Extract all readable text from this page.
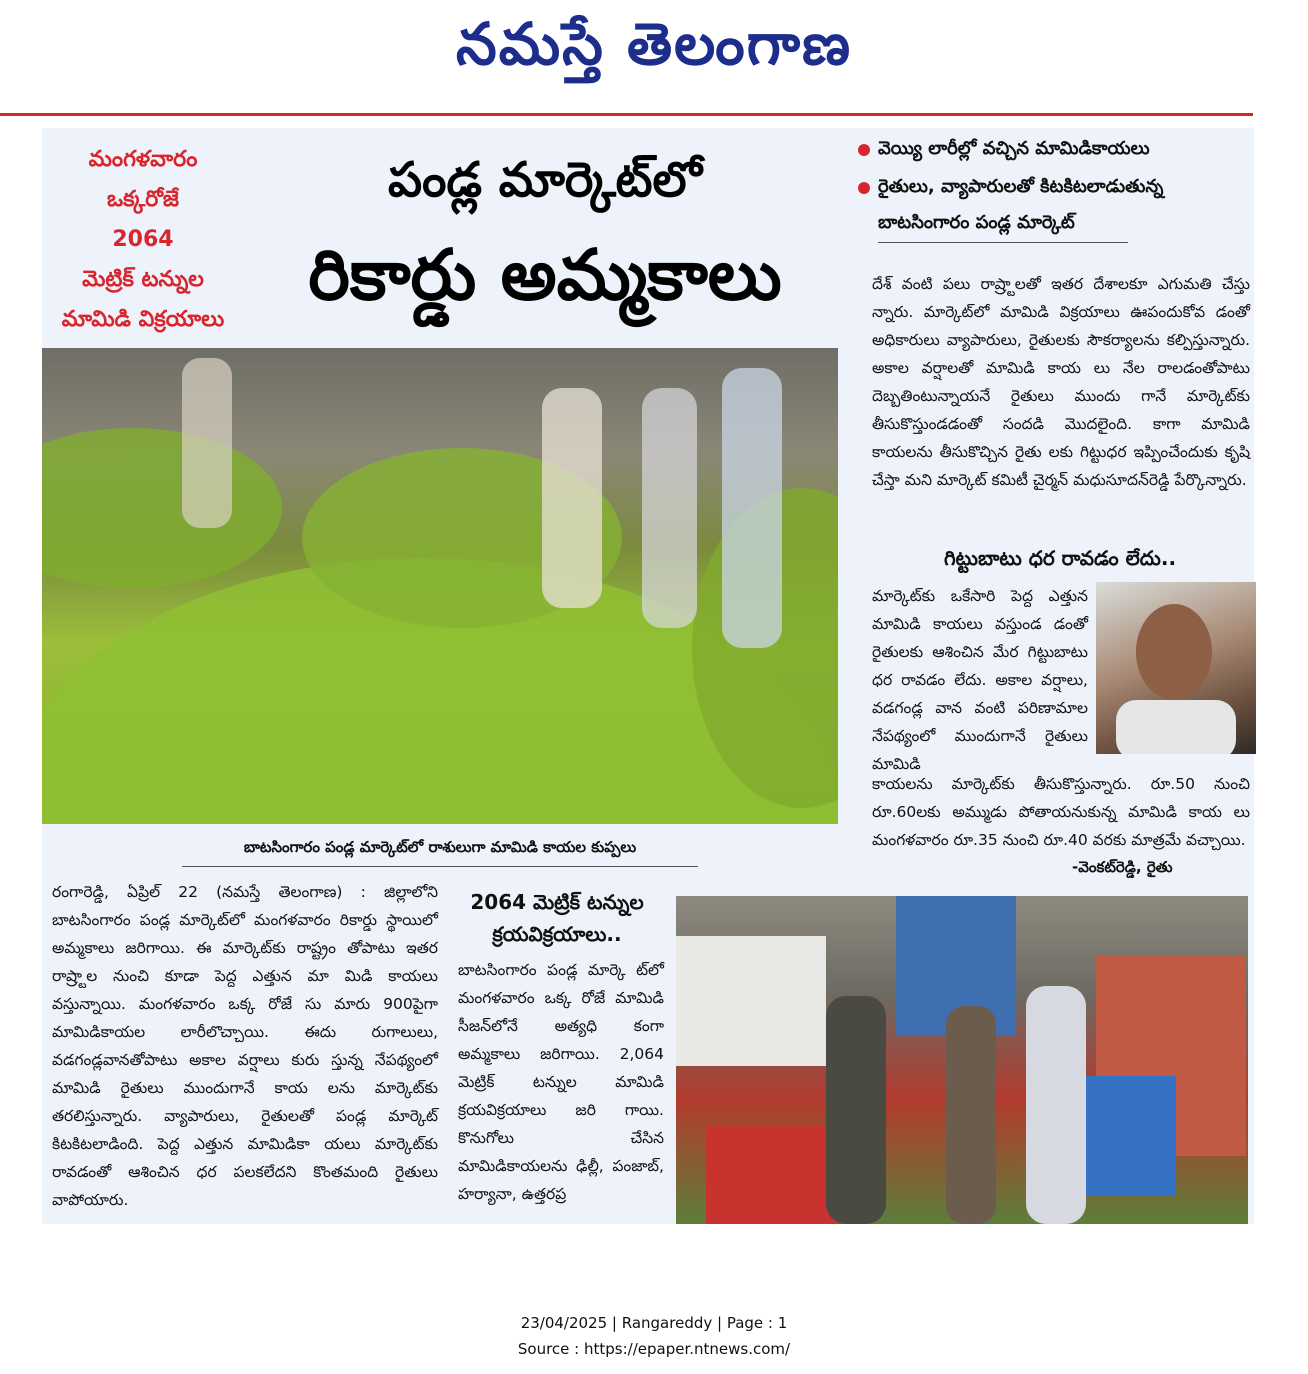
నమస్తే తెలంగాణ
మంగళవారం
ఒక్కరోజే
2064
మెట్రిక్ టన్నుల
మామిడి విక్రయాలు
పండ్ల మార్కెట్‌లో
రికార్డు అమ్మకాలు
బాటసింగారం పండ్ల మార్కెట్‌లో రాశులుగా మామిడి కాయల కుప్పలు
వెయ్యి లారీల్లో వచ్చిన మామిడికాయలు
రైతులు, వ్యాపారులతో కిటకిటలాడుతున్న
బాటసింగారం పండ్ల మార్కెట్
దేశ్ వంటి పలు రాష్ర్టాలతో ఇతర దేశాలకూ ఎగుమతి చేస్తు న్నారు. మార్కెట్‌లో మామిడి విక్రయాలు ఊపందుకోవ డంతో అధికారులు వ్యాపారులు, రైతులకు సౌకర్యాలను కల్పిస్తున్నారు. అకాల వర్షాలతో మామిడి కాయ లు నేల రాలడంతోపాటు దెబ్బతింటున్నాయనే రైతులు ముందు గానే మార్కెట్‌కు తీసుకొస్తుండడంతో సందడి మొదలైంది. కాగా మామిడి కాయలను తీసుకొచ్చిన రైతు లకు గిట్టుధర ఇప్పించేందుకు కృషి చేస్తా మని మార్కెట్ కమిటీ చైర్మన్ మధుసూదన్‌రెడ్డి పేర్కొన్నారు.
గిట్టుబాటు ధర రావడం లేదు..
మార్కెట్‌కు ఒకేసారి పెద్ద ఎత్తున మామిడి కాయలు వస్తుండ డంతో రైతులకు ఆశించిన మేర గిట్టుబాటు ధర రావడం లేదు. అకాల వర్షాలు, వడగండ్ల వాన వంటి పరిణామాల నేపథ్యంలో ముందుగానే రైతులు మామిడి
కాయలను మార్కెట్‌కు తీసుకొస్తున్నారు. రూ.50 నుంచి రూ.60లకు అమ్ముడు పోతాయనుకున్న మామిడి కాయ లు మంగళవారం రూ.35 నుంచి రూ.40 వరకు మాత్రమే వచ్చాయి.
-వెంకట్‌రెడ్డి, రైతు
రంగారెడ్డి, ఏప్రిల్ 22 (నమస్తే తెలంగాణ) : జిల్లాలోని బాటసింగారం పండ్ల మార్కెట్‌లో మంగళవారం రికార్డు స్థాయిలో అమ్మకాలు జరిగాయి. ఈ మార్కెట్‌కు రాష్ట్రం తోపాటు ఇతర రాష్ర్టాల నుంచి కూడా పెద్ద ఎత్తున మా మిడి కాయలు వస్తున్నాయి. మంగళవారం ఒక్క రోజే సు మారు 900పైగా మామిడికాయల లారీలొచ్చాయి. ఈదు రుగాలులు, వడగండ్లవానతోపాటు అకాల వర్షాలు కురు స్తున్న నేపథ్యంలో మామిడి రైతులు ముందుగానే కాయ లను మార్కెట్‌కు తరలిస్తున్నారు. వ్యాపారులు, రైతులతో పండ్ల మార్కెట్ కిటకిటలాడింది. పెద్ద ఎత్తున మామిడికా యలు మార్కెట్‌కు రావడంతో ఆశించిన ధర పలకలేదని కొంతమంది రైతులు వాపోయారు.
2064 మెట్రిక్ టన్నుల క్రయవిక్రయాలు..
బాటసింగారం పండ్ల మార్కె ట్‌లో మంగళవారం ఒక్క రోజే మామిడి సీజన్‌లోనే అత్యధి కంగా అమ్మకాలు జరిగాయి. 2,064 మెట్రిక్ టన్నుల మామిడి క్రయవిక్రయాలు జరి గాయి. కొనుగోలు చేసిన మామిడికాయలను ఢిల్లీ, పంజాబ్, హర్యానా, ఉత్తరప్ర
23/04/2025 | Rangareddy | Page : 1
Source : https://epaper.ntnews.com/
